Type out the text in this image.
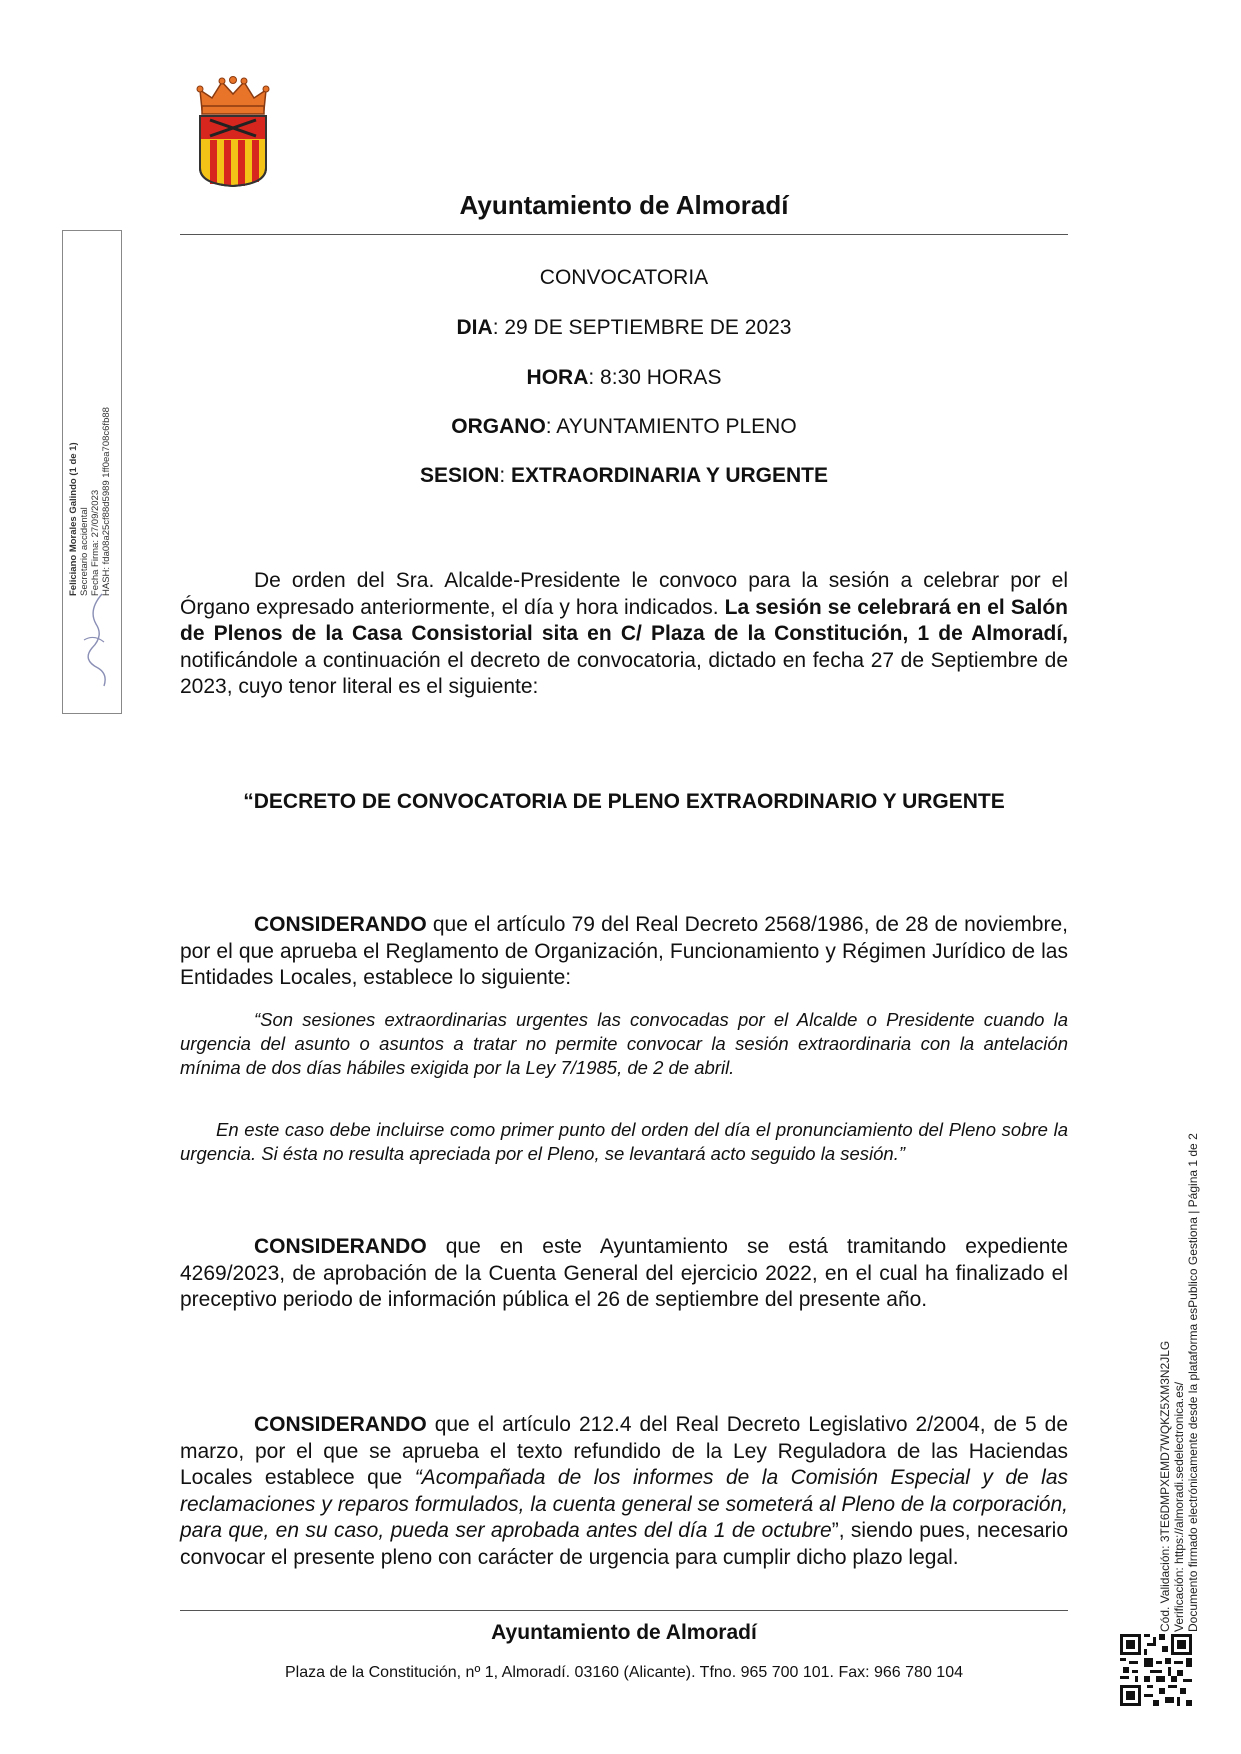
Ayuntamiento de Almoradí
CONVOCATORIA
DIA: 29 DE SEPTIEMBRE DE 2023
HORA: 8:30 HORAS
ORGANO: AYUNTAMIENTO PLENO
SESION: EXTRAORDINARIA Y URGENTE
De orden del Sra. Alcalde-Presidente le convoco para la sesión a celebrar por el Órgano expresado anteriormente, el día y hora indicados. La sesión se celebrará en el Salón de Plenos de la Casa Consistorial sita en C/ Plaza de la Constitución, 1 de Almoradí, notificándole a continuación el decreto de convocatoria, dictado en fecha 27 de Septiembre de 2023, cuyo tenor literal es el siguiente:
“DECRETO DE CONVOCATORIA DE PLENO EXTRAORDINARIO Y URGENTE
CONSIDERANDO que el artículo 79 del Real Decreto 2568/1986, de 28 de noviembre, por el que aprueba el Reglamento de Organización, Funcionamiento y Régimen Jurídico de las Entidades Locales, establece lo siguiente:
“Son sesiones extraordinarias urgentes las convocadas por el Alcalde o Presidente cuando la urgencia del asunto o asuntos a tratar no permite convocar la sesión extraordinaria con la antelación mínima de dos días hábiles exigida por la Ley 7/1985, de 2 de abril.
En este caso debe incluirse como primer punto del orden del día el pronunciamiento del Pleno sobre la urgencia. Si ésta no resulta apreciada por el Pleno, se levantará acto seguido la sesión.”
CONSIDERANDO que en este Ayuntamiento se está tramitando expediente 4269/2023, de aprobación de la Cuenta General del ejercicio 2022, en el cual ha finalizado el preceptivo periodo de información pública el 26 de septiembre del presente año.
CONSIDERANDO que el artículo 212.4 del Real Decreto Legislativo 2/2004, de 5 de marzo, por el que se aprueba el texto refundido de la Ley Reguladora de las Haciendas Locales establece que “Acompañada de los informes de la Comisión Especial y de las reclamaciones y reparos formulados, la cuenta general se someterá al Pleno de la corporación, para que, en su caso, pueda ser aprobada antes del día 1 de octubre”, siendo pues, necesario convocar el presente pleno con carácter de urgencia para cumplir dicho plazo legal.
Ayuntamiento de Almoradí
Plaza de la Constitución, nº 1, Almoradí. 03160 (Alicante). Tfno. 965 700 101. Fax: 966 780 104
Feliciano Morales Galindo (1 de 1) Secretario accidental Fecha Firma: 27/09/2023 HASH: fda08a25cf88d5989 1ff0ea708c6fb88
Cód. Validación: 3TE6DMPXEMD7WQKZ5XM3N2JLG Verificación: https://almoradi.sedelectronica.es/ Documento firmado electrónicamente desde la plataforma esPublico Gestiona | Página 1 de 2
